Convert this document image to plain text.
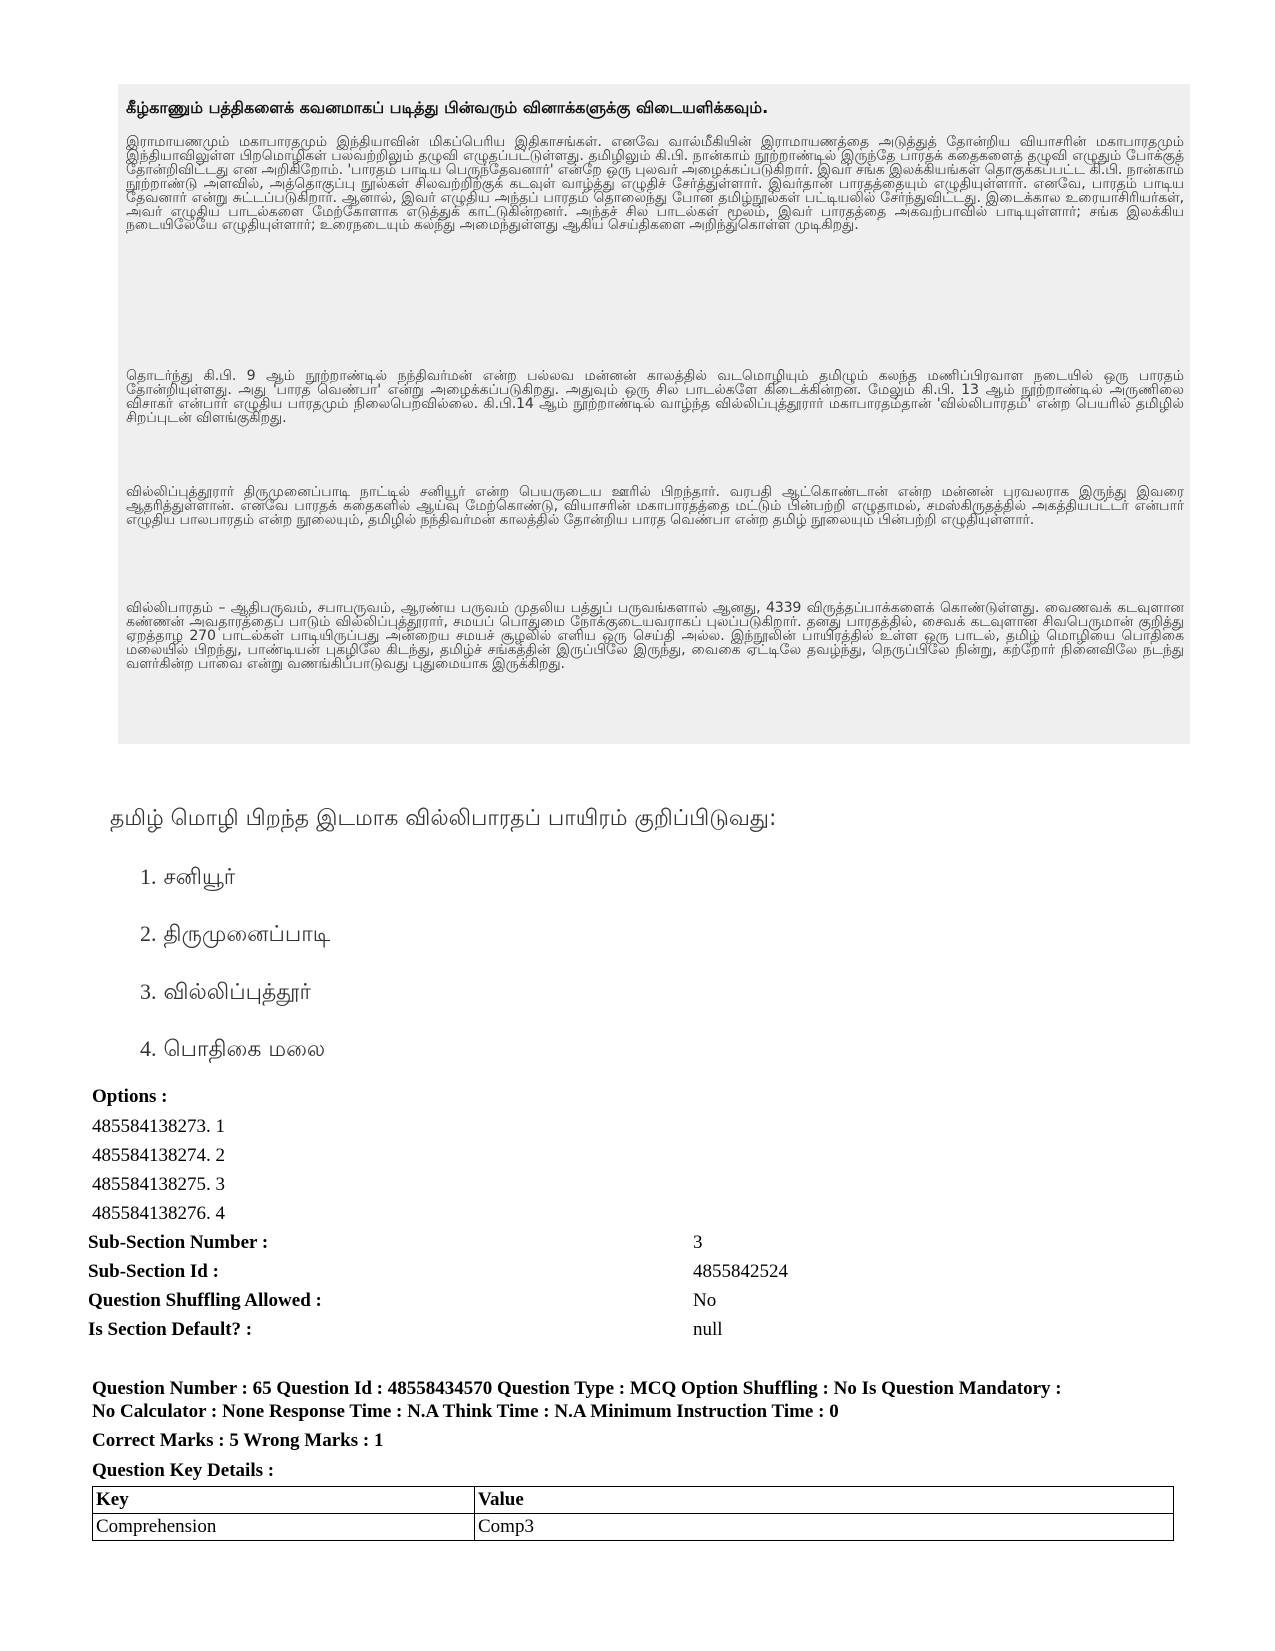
கீழ்காணும் பத்திகளைக் கவனமாகப் படித்து பின்வரும் வினாக்களுக்கு விடையளிக்கவும்.

இராமாயணமும் மகாபாரதமும் இந்தியாவின் மிகப்பெரிய இதிகாசங்கள். எனவே வால்மீகியின் இராமாயணத்தை அடுத்துத் தோன்றிய வியாசரின் மகாபாரதமும் இந்தியாவிலுள்ள பிறமொழிகள் பலவற்றிலும் தழுவி எழுதப்பட்டுள்ளது. தமிழிலும் கி.பி. நான்காம் நூற்றாண்டில் இருந்தே பாரதக் கதைகளைத் தழுவி எழுதும் போக்குத் தோன்றிவிட்டது என அறிகிறோம். 'பாரதம் பாடிய பெருந்தேவனார்' என்றே ஒரு புலவர் அழைக்கப்படுகிறார். இவர் சங்க இலக்கியங்கள் தொகுக்கப்பட்ட கி.பி. நான்காம் நூற்றாண்டு அளவில், அத்தொகுப்பு நூல்கள் சிலவற்றிற்குக் கடவுள் வாழ்த்து எழுதிச் சேர்த்துள்ளார். இவர்தான் பாரதத்தையும் எழுதியுள்ளார். எனவே, பாரதம் பாடிய தேவனார் என்று சுட்டப்படுகிறார். ஆனால், இவர் எழுதிய அந்தப் பாரதம் தொலைந்து போன தமிழ்நூல்கள் பட்டியலில் சேர்ந்துவிட்டது. இடைக்கால உரையாசிரியர்கள், அவர் எழுதிய பாடல்களை மேற்கோளாக எடுத்துக் காட்டுகின்றனர். அந்தச் சில பாடல்கள் மூலம், இவர் பாரதத்தை அகவற்பாவில் பாடியுள்ளார்; சங்க இலக்கிய நடையிலேயே எழுதியுள்ளார்; உரைநடையும் கலந்து அமைந்துள்ளது ஆகிய செய்திகளை அறிந்துகொள்ள முடிகிறது.

தொடர்ந்து கி.பி. 9 ஆம் நூற்றாண்டில் நந்திவர்மன் என்ற பல்லவ மன்னன் காலத்தில் வடமொழியும் தமிழும் கலந்த மணிப்பிரவாள நடையில் ஒரு பாரதம் தோன்றியுள்ளது. அது 'பாரத வெண்பா' என்று அழைக்கப்படுகிறது. அதுவும் ஒரு சில பாடல்களே கிடைக்கின்றன. மேலும் கி.பி. 13 ஆம் நூற்றாண்டில் அருணிலை விசாகர் என்பார் எழுதிய பாரதமும் நிலைபெறவில்லை. கி.பி.14 ஆம் நூற்றாண்டில் வாழ்ந்த வில்லிப்புத்தூரார் மகாபாரதம்தான் 'வில்லிபாரதம்' என்ற பெயரில் தமிழில் சிறப்புடன் விளங்குகிறது.

வில்லிப்புத்தூரார் திருமுனைப்பாடி நாட்டில் சனியூர் என்ற பெயருடைய ஊரில் பிறந்தார். வரபதி ஆட்கொண்டான் என்ற மன்னன் புரவலராக இருந்து இவரை ஆதரித்துள்ளான். எனவே பாரதக் கதைகளில் ஆய்வு மேற்கொண்டு, வியாசரின் மகாபாரதத்தை மட்டும் பின்பற்றி எழுதாமல், சமஸ்கிருதத்தில் அகத்தியபட்டர் என்பார் எழுதிய பாலபாரதம் என்ற நூலையும், தமிழில் நந்திவர்மன் காலத்தில் தோன்றிய பாரத வெண்பா என்ற தமிழ் நூலையும் பின்பற்றி எழுதியுள்ளார்.

வில்லிபாரதம் – ஆதிபருவம், சபாபருவம், ஆரண்ய பருவம் முதலிய பத்துப் பருவங்களால் ஆனது, 4339 விருத்தப்பாக்களைக் கொண்டுள்ளது. வைணவக் கடவுளான கண்ணன் அவதாரத்தைப் பாடும் வில்லிப்புத்தூரார், சமயப் பொதுமை நோக்குடையவராகப் புலப்படுகிறார். தனது பாரதத்தில், சைவக் கடவுளான சிவபெருமான் குறித்து ஏறத்தாழ 270 பாடல்கள் பாடியிருப்பது அன்றைய சமயச் சூழலில் எளிய ஒரு செய்தி அல்ல. இந்நூலின் பாயிரத்தில் உள்ள ஒரு பாடல், தமிழ் மொழியை பொதிகை மலையில் பிறந்து, பாண்டியன் புகழிலே கிடந்து, தமிழ்ச் சங்கத்தின் இருப்பிலே இருந்து, வைகை ஏட்டிலே தவழ்ந்து, நெருப்பிலே நின்று, கற்றோர் நினைவிலே நடந்து வளர்கின்ற பாவை என்று வணங்கிப்பாடுவது புதுமையாக இருக்கிறது.

தமிழ் மொழி பிறந்த இடமாக வில்லிபாரதப் பாயிரம் குறிப்பிடுவது:
1. சனியூர்
2. திருமுனைப்பாடி
3. வில்லிப்புத்தூர்
4. பொதிகை மலை
Options :
485584138273. 1
485584138274. 2
485584138275. 3
485584138276. 4
Sub-Section Number :	3
Sub-Section Id :	4855842524
Question Shuffling Allowed :	No
Is Section Default? :	null
Question Number : 65 Question Id : 48558434570 Question Type : MCQ Option Shuffling : No Is Question Mandatory :
No Calculator : None Response Time : N.A Think Time : N.A Minimum Instruction Time : 0
Correct Marks : 5 Wrong Marks : 1
Question Key Details :
Key	Value
Comprehension	Comp3
